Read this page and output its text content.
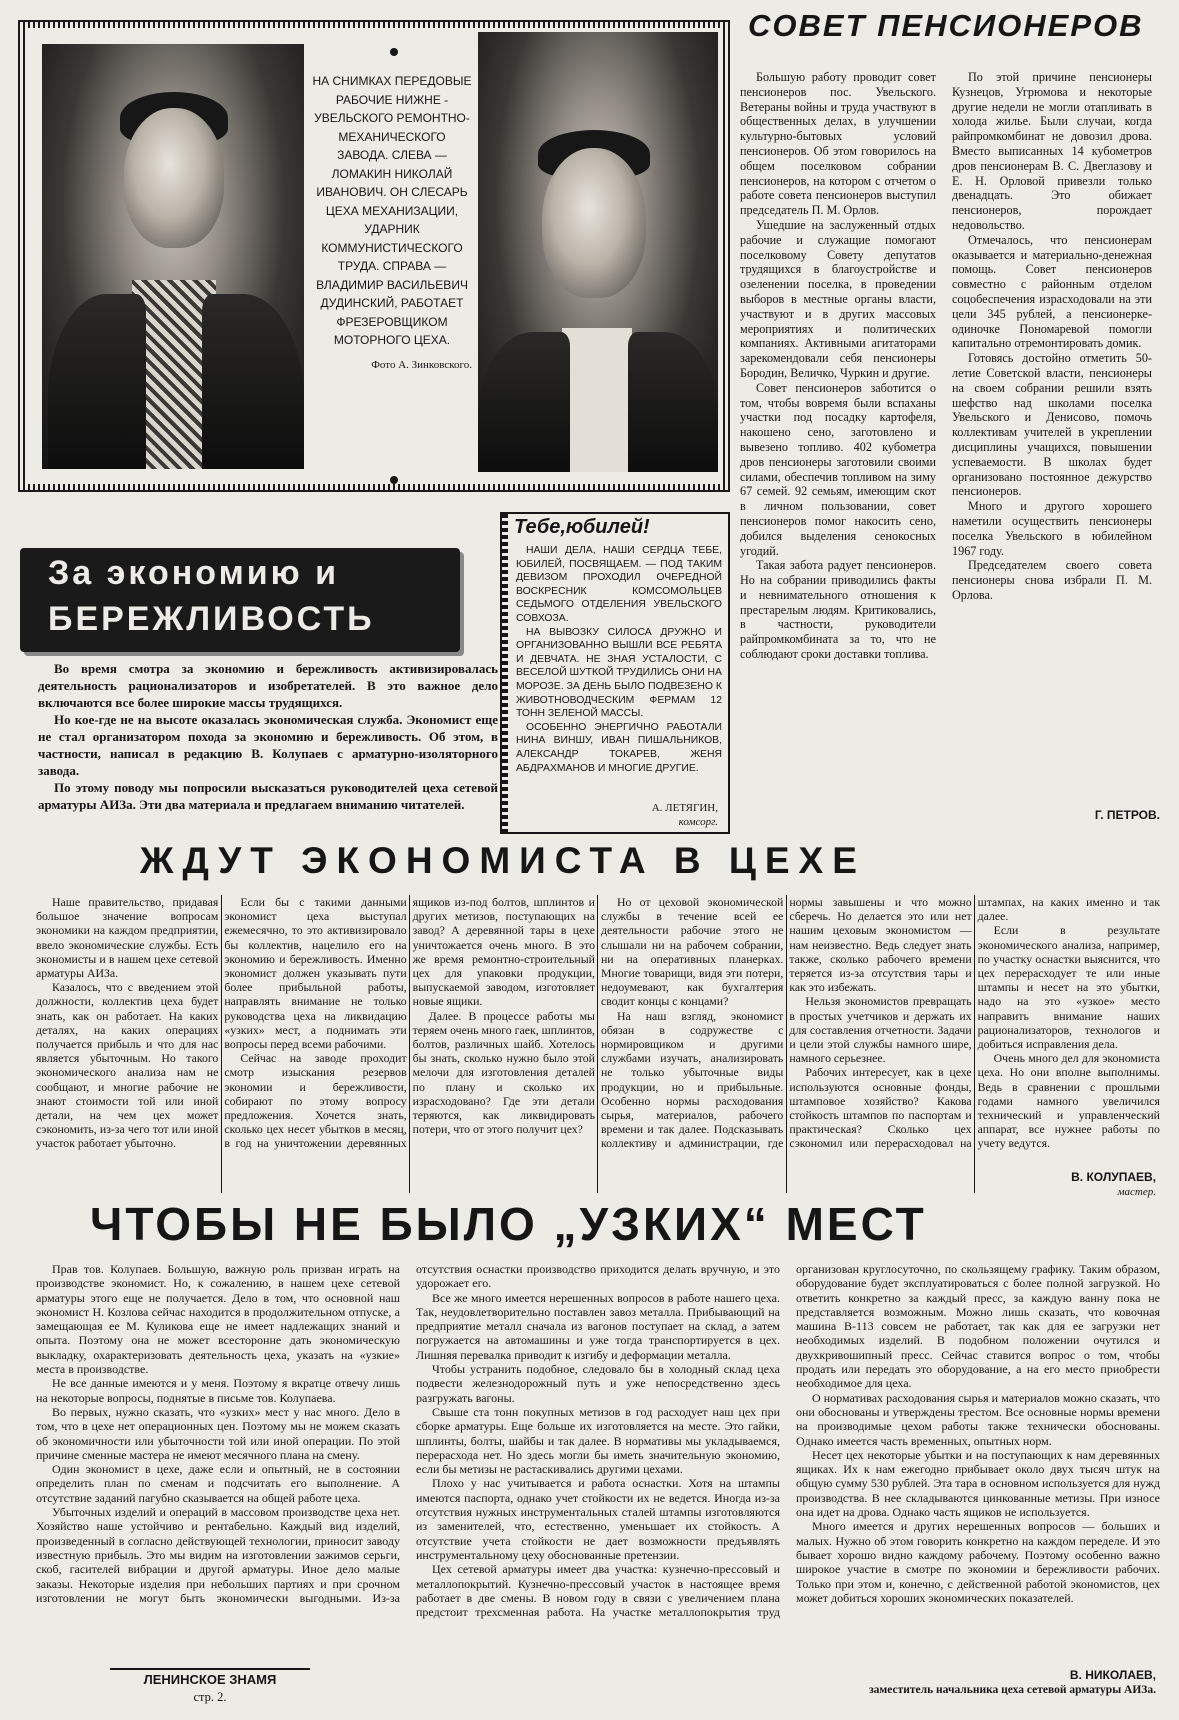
НА СНИМКАХ ПЕРЕДОВЫЕ РАБОЧИЕ НИЖНЕ - УВЕЛЬСКОГО РЕМОНТНО-МЕХАНИЧЕСКОГО ЗАВОДА. СЛЕВА — ЛОМАКИН НИКОЛАЙ ИВАНОВИЧ. ОН СЛЕСАРЬ ЦЕХА МЕХАНИЗАЦИИ, УДАРНИК КОММУНИСТИЧЕСКОГО ТРУДА. СПРАВА — ВЛАДИМИР ВАСИЛЬЕВИЧ ДУДИНСКИЙ, РАБОТАЕТ ФРЕЗЕРОВЩИКОМ МОТОРНОГО ЦЕХА.
Фото А. Зинковского.
СОВЕТ ПЕНСИОНЕРОВ

Большую работу проводит совет пенсионеров пос. Увельского. Ветераны войны и труда участвуют в общественных делах, в улучшении культурно-бытовых условий пенсионеров. Об этом говорилось на общем поселковом собрании пенсионеров, на котором с отчетом о работе совета пенсионеров выступил председатель П. М. Орлов.

Ушедшие на заслуженный отдых рабочие и служащие помогают поселковому Совету депутатов трудящихся в благоустройстве и озеленении поселка, в проведении выборов в местные органы власти, участвуют и в других массовых мероприятиях и политических компаниях. Активными агитаторами зарекомендовали себя пенсионеры Бородин, Величко, Чуркин и другие.

Совет пенсионеров заботится о том, чтобы вовремя были вспаханы участки под посадку картофеля, накошено сено, заготовлено и вывезено топливо. 402 кубометра дров пенсионеры заготовили своими силами, обеспечив топливом на зиму 67 семей. 92 семьям, имеющим скот в личном пользовании, совет пенсионеров помог накосить сено, добился выделения сенокосных угодий.

Такая забота радует пенсионеров. Но на собрании приводились факты и невнимательного отношения к престарелым людям. Критиковались, в частности, руководители райпромкомбината за то, что не соблюдают сроки доставки топлива.

По этой причине пенсионеры Кузнецов, Угрюмова и некоторые другие недели не могли отапливать в холода жилье. Были случаи, когда райпромкомбинат не довозил дрова. Вместо выписанных 14 кубометров дров пенсионерам В. С. Двеглазову и Е. Н. Орловой привезли только двенадцать. Это обижает пенсионеров, порождает недовольство.

Отмечалось, что пенсионерам оказывается и материально-денежная помощь. Совет пенсионеров совместно с районным отделом соцобеспечения израсходовали на эти цели 345 рублей, а пенсионерке-одиночке Пономаревой помогли капитально отремонтировать домик.

Готовясь достойно отметить 50-летие Советской власти, пенсионеры на своем собрании решили взять шефство над школами поселка Увельского и Денисово, помочь коллективам учителей в укреплении дисциплины учащихся, повышении успеваемости. В школах будет организовано постоянное дежурство пенсионеров.

Много и другого хорошего наметили осуществить пенсионеры поселка Увельского в юбилейном 1967 году.

Председателем своего совета пенсионеры снова избрали П. М. Орлова.

Г. ПЕТРОВ.
За экономию и
БЕРЕЖЛИВОСТЬ

Во время смотра за экономию и бережливость активизировалась деятельность рационализаторов и изобретателей. В это важное дело включаются все более широкие массы трудящихся.

Но кое-где не на высоте оказалась экономическая служба. Экономист еще не стал организатором похода за экономию и бережливость. Об этом, в частности, написал в редакцию В. Колупаев с арматурно-изоляторного завода.

По этому поводу мы попросили высказаться руководителей цеха сетевой арматуры АИЗа. Эти два материала и предлагаем вниманию читателей.

Тебе,юбилей!

НАШИ ДЕЛА, НАШИ СЕРДЦА ТЕБЕ, ЮБИЛЕЙ, ПОСВЯЩАЕМ. — ПОД ТАКИМ ДЕВИЗОМ ПРОХОДИЛ ОЧЕРЕДНОЙ ВОСКРЕСНИК КОМСОМОЛЬЦЕВ СЕДЬМОГО ОТДЕЛЕНИЯ УВЕЛЬСКОГО СОВХОЗА.

НА ВЫВОЗКУ СИЛОСА ДРУЖНО И ОРГАНИЗОВАННО ВЫШЛИ ВСЕ РЕБЯТА И ДЕВЧАТА. НЕ ЗНАЯ УСТАЛОСТИ, С ВЕСЕЛОЙ ШУТКОЙ ТРУДИЛИСЬ ОНИ НА МОРОЗЕ. ЗА ДЕНЬ БЫЛО ПОДВЕЗЕНО К ЖИВОТНОВОДЧЕСКИМ ФЕРМАМ 12 ТОНН ЗЕЛЕНОЙ МАССЫ.

ОСОБЕННО ЭНЕРГИЧНО РАБОТАЛИ НИНА ВИНШУ, ИВАН ПИШАЛЬНИКОВ, АЛЕКСАНДР ТОКАРЕВ, ЖЕНЯ АБДРАХМАНОВ И МНОГИЕ ДРУГИЕ.

А. ЛЕТЯГИН,
комсорг.
ЖДУТ ЭКОНОМИСТА В ЦЕХЕ

Наше правительство, придавая большое значение вопросам экономики на каждом предприятии, ввело экономические службы. Есть экономисты и в нашем цехе сетевой арматуры АИЗа.

Казалось, что с введением этой должности, коллектив цеха будет знать, как он работает. На каких деталях, на каких операциях получается прибыль и что для нас является убыточным. Но такого экономического анализа нам не сообщают, и многие рабочие не знают стоимости той или иной детали, на чем цех может сэкономить, из-за чего тот или иной участок работает убыточно.

Если бы с такими данными экономист цеха выступал ежемесячно, то это активизировало бы коллектив, нацелило его на экономию и бережливость. Именно экономист должен указывать пути более прибыльной работы, направлять внимание не только руководства цеха на ликвидацию «узких» мест, а поднимать эти вопросы перед всеми рабочими.

Сейчас на заводе проходит смотр изыскания резервов экономии и бережливости, собирают по этому вопросу предложения. Хочется знать, сколько цех несет убытков в месяц, в год на уничтожении деревянных ящиков из-под болтов, шплинтов и других метизов, поступающих на завод? А деревянной тары в цехе уничтожается очень много. В это же время ремонтно-строительный цех для упаковки продукции, выпускаемой заводом, изготовляет новые ящики.

Далее. В процессе работы мы теряем очень много гаек, шплинтов, болтов, различных шайб. Хотелось бы знать, сколько нужно было этой мелочи для изготовления деталей по плану и сколько их израсходовано? Где эти детали теряются, как ликвидировать потери, что от этого получит цех?

Но от цеховой экономической службы в течение всей ее деятельности рабочие этого не слышали ни на рабочем собрании, ни на оперативных планерках. Многие товарищи, видя эти потери, недоумевают, как бухгалтерия сводит концы с концами?

На наш взгляд, экономист обязан в содружестве с нормировщиком и другими службами изучать, анализировать не только убыточные виды продукции, но и прибыльные. Особенно нормы расходования сырья, материалов, рабочего времени и так далее. Подсказывать коллективу и администрации, где нормы завышены и что можно сберечь. Но делается это или нет нашим цеховым экономистом — нам неизвестно. Ведь следует знать также, сколько рабочего времени теряется из-за отсутствия тары и как это избежать.

Нельзя экономистов превращать в простых учетчиков и держать их для составления отчетности. Задачи и цели этой службы намного шире, намного серьезнее.

Рабочих интересует, как в цехе используются основные фонды, штамповое хозяйство? Какова стойкость штампов по паспортам и практическая? Сколько цех сэкономил или перерасходовал на штампах, на каких именно и так далее.

Если в результате экономического анализа, например, по участку оснастки выяснится, что цех перерасходует те или иные штампы и несет на это убытки, надо на это «узкое» место направить внимание наших рационализаторов, технологов и добиться исправления дела.

Очень много дел для экономиста цеха. Но они вполне выполнимы. Ведь в сравнении с прошлыми годами намного увеличился технический и управленческий аппарат, все нужнее работы по учету ведутся.

В. КОЛУПАЕВ,
мастер.
ЧТОБЫ НЕ БЫЛО „УЗКИХ“ МЕСТ

Прав тов. Колупаев. Большую, важную роль призван играть на производстве экономист. Но, к сожалению, в нашем цехе сетевой арматуры этого еще не получается. Дело в том, что основной наш экономист Н. Козлова сейчас находится в продолжительном отпуске, а замещающая ее М. Куликова еще не имеет надлежащих знаний и опыта. Поэтому она не может всесторонне дать экономическую выкладку, охарактеризовать деятельность цеха, указать на «узкие» места в производстве.

Не все данные имеются и у меня. Поэтому я вкратце отвечу лишь на некоторые вопросы, поднятые в письме тов. Колупаева.

Во первых, нужно сказать, что «узких» мест у нас много. Дело в том, что в цехе нет операционных цен. Поэтому мы не можем сказать об экономичности или убыточности той или иной операции. По этой причине сменные мастера не имеют месячного плана на смену.

Один экономист в цехе, даже если и опытный, не в состоянии определить план по сменам и подсчитать его выполнение. А отсутствие заданий пагубно сказывается на общей работе цеха.

Убыточных изделий и операций в массовом производстве цеха нет. Хозяйство наше устойчиво и рентабельно. Каждый вид изделий, произведенный в согласно действующей технологии, приносит заводу известную прибыль. Это мы видим на изготовлении зажимов серьги, скоб, гасителей вибрации и другой арматуры. Иное дело малые заказы. Некоторые изделия при небольших партиях и при срочном изготовлении не могут быть экономически выгодными. Из-за отсутствия оснастки производство приходится делать вручную, и это удорожает его.

Все же много имеется нерешенных вопросов в работе нашего цеха. Так, неудовлетворительно поставлен завоз металла. Прибывающий на предприятие металл сначала из вагонов поступает на склад, а затем погружается на автомашины и уже тогда транспортируется в цех. Лишняя перевалка приводит к изгибу и деформации металла.

Чтобы устранить подобное, следовало бы в холодный склад цеха подвести железнодорожный путь и уже непосредственно здесь разгружать вагоны.

Свыше ста тонн покупных метизов в год расходует наш цех при сборке арматуры. Еще больше их изготовляется на месте. Это гайки, шплинты, болты, шайбы и так далее. В нормативы мы укладываемся, перерасхода нет. Но здесь могли бы иметь значительную экономию, если бы метизы не растаскивались другими цехами.

Плохо у нас учитывается и работа оснастки. Хотя на штампы имеются паспорта, однако учет стойкости их не ведется. Иногда из-за отсутствия нужных инструментальных сталей штампы изготовляются из заменителей, что, естественно, уменьшает их стойкость. А отсутствие учета стойкости не дает возможности предъявлять инструментальному цеху обоснованные претензии.

Цех сетевой арматуры имеет два участка: кузнечно-прессовый и металлопокрытий. Кузнечно-прессовый участок в настоящее время работает в две смены. В новом году в связи с увеличением плана предстоит трехсменная работа. На участке металлопокрытия труд организован круглосуточно, по скользящему графику. Таким образом, оборудование будет эксплуатироваться с более полной загрузкой. Но ответить конкретно за каждый пресс, за каждую ванну пока не представляется возможным. Можно лишь сказать, что ковочная машина В-113 совсем не работает, так как для ее загрузки нет необходимых изделий. В подобном положении очутился и двухкривошипный пресс. Сейчас ставится вопрос о том, чтобы продать или передать это оборудование, а на его место приобрести необходимое для цеха.

О нормативах расходования сырья и материалов можно сказать, что они обоснованы и утверждены трестом. Все основные нормы времени на производимые цехом работы также технически обоснованы. Однако имеется часть временных, опытных норм.

Несет цех некоторые убытки и на поступающих к нам деревянных ящиках. Их к нам ежегодно прибывает около двух тысяч штук на общую сумму 530 рублей. Эта тара в основном используется для нужд производства. В нее складываются цинкованные метизы. При износе она идет на дрова. Однако часть ящиков не используется.

Много имеется и других нерешенных вопросов — больших и малых. Нужно об этом говорить конкретно на каждом переделе. И это бывает хорошо видно каждому рабочему. Поэтому особенно важно широкое участие в смотре по экономии и бережливости рабочих. Только при этом и, конечно, с действенной работой экономистов, цех может добиться хороших экономических показателей.

В. НИКОЛАЕВ,
заместитель начальника цеха сетевой арматуры АИЗа.
ЛЕНИНСКОЕ ЗНАМЯ
стр. 2.
